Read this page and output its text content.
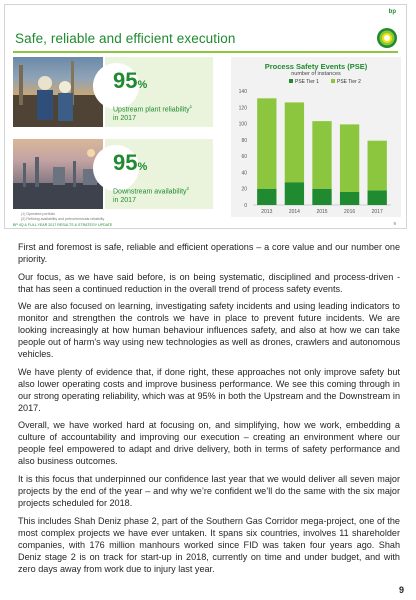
bp
Safe, reliable and efficient execution
95%
Upstream plant reliability$^1$
in 2017
95%
Downstream availability$^2$
in 2017
Process Safety Events (PSE)
number of instances
PSE Tier 1	PSE Tier 2
0
20
40
60
80
100
120
140
2013	2014	2015	2016	2017
(1) Operated portfolio
(2) Refining availability and petrochemicals reliability
BP 4Q & FULL YEAR 2017 RESULTS & STRATEGY UPDATE	9

First and foremost is safe, reliable and efficient operations – a core value and our number one priority.

Our focus, as we have said before, is on being systematic, disciplined and process-driven - that has seen a continued reduction in the overall trend of process safety events.

We are also focused on learning, investigating safety incidents and using leading indicators to monitor and strengthen the controls we have in place to prevent future incidents. We are looking increasingly at how human behaviour influences safety, and also at how we can take people out of harm’s way using new technologies as well as drones, crawlers and autonomous vehicles.

We have plenty of evidence that, if done right, these approaches not only improve safety but also lower operating costs and improve business performance. We see this coming through in our strong operating reliability, which was at 95% in both the Upstream and the Downstream in 2017.

Overall, we have worked hard at focusing on, and simplifying, how we work, embedding a culture of accountability and improving our execution – creating an environment where our people feel empowered to adapt and drive delivery, both in terms of safety performance and also business outcomes.

It is this focus that underpinned our confidence last year that we would deliver all seven major projects by the end of the year – and why we’re confident we’ll do the same with the six major projects scheduled for 2018.

This includes Shah Deniz phase 2, part of the Southern Gas Corridor mega-project, one of the most complex projects we have ever untaken. It spans six countries, involves 11 shareholder companies, with 176 million manhours worked since FID was taken four years ago. Shah Deniz stage 2 is on track for start-up in 2018, currently on time and under budget, and with zero days away from work due to injury last year.

9
